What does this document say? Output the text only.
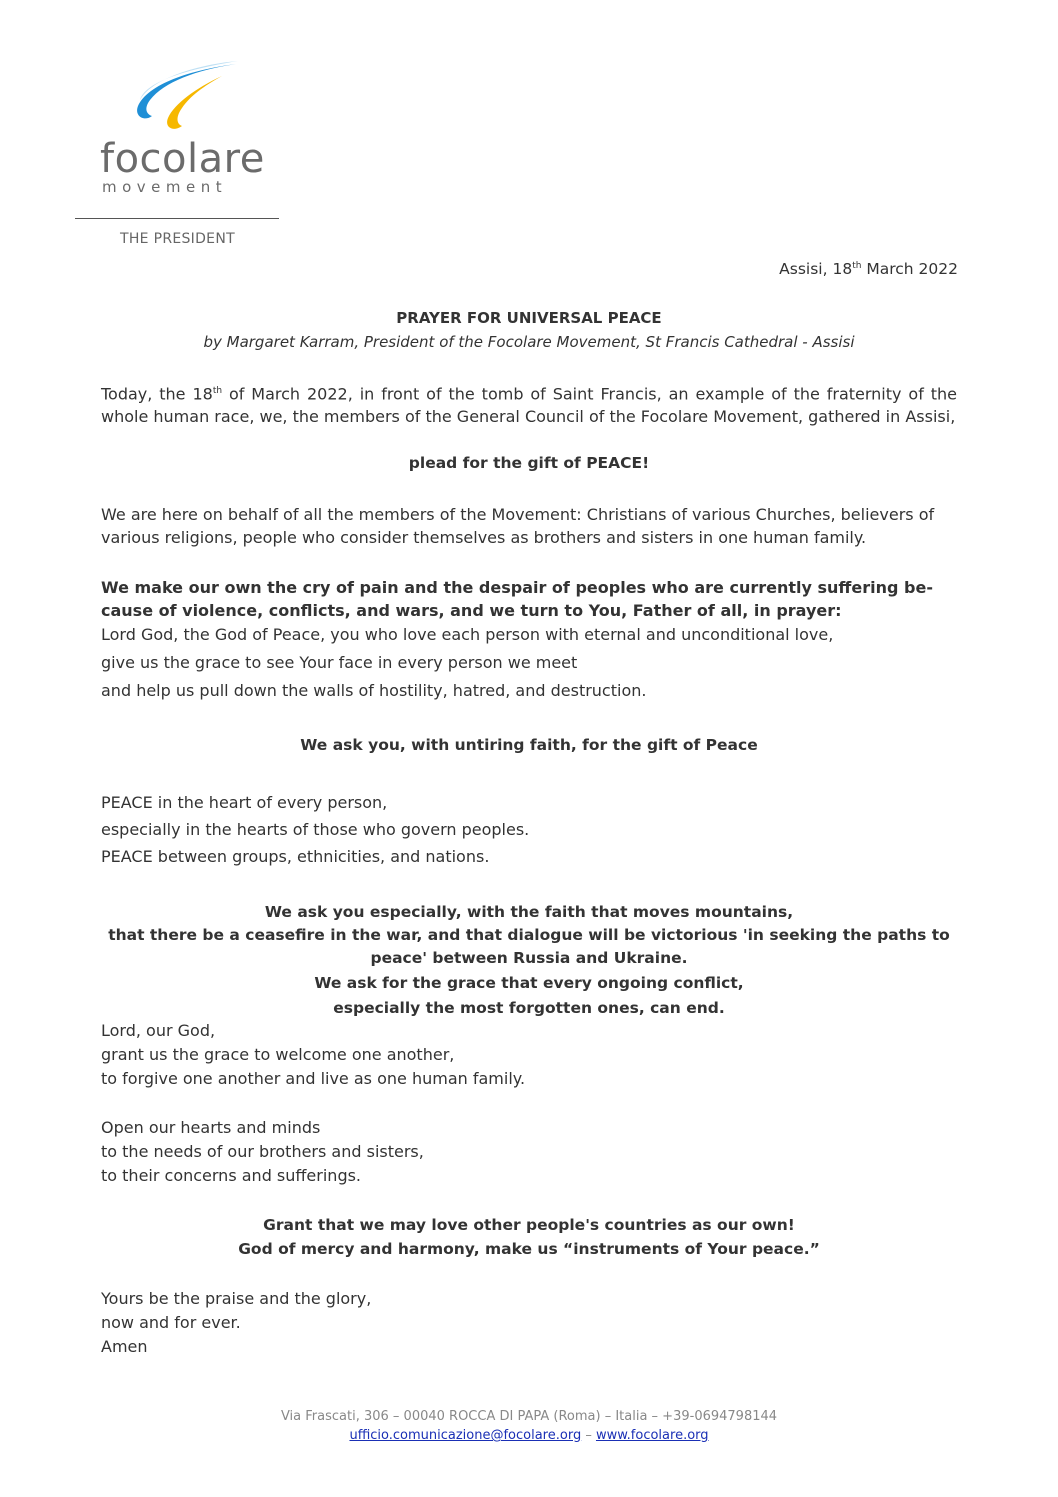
focolare
movement
THE PRESIDENT
Assisi, 18th March 2022
PRAYER FOR UNIVERSAL PEACE
by Margaret Karram, President of the Focolare Movement, St Francis Cathedral - Assisi
Today, the 18th of March 2022, in front of the tomb of Saint Francis, an example of the fraternity of the whole human race, we, the members of the General Council of the Focolare Movement, gathered in Assisi,
plead for the gift of PEACE!
We are here on behalf of all the members of the Movement: Christians of various Churches, believers of various religions, people who consider themselves as brothers and sisters in one human family.
We make our own the cry of pain and the despair of peoples who are currently suffering be-cause of violence, conflicts, and wars, and we turn to You, Father of all, in prayer:
Lord God, the God of Peace, you who love each person with eternal and unconditional love,
give us the grace to see Your face in every person we meet
and help us pull down the walls of hostility, hatred, and destruction.
We ask you, with untiring faith, for the gift of Peace
PEACE in the heart of every person,
especially in the hearts of those who govern peoples.
PEACE between groups, ethnicities, and nations.
We ask you especially, with the faith that moves mountains,
that there be a ceasefire in the war, and that dialogue will be victorious 'in seeking the paths to
peace' between Russia and Ukraine.
We ask for the grace that every ongoing conflict,
especially the most forgotten ones, can end.
Lord, our God,
grant us the grace to welcome one another,
to forgive one another and live as one human family.
Open our hearts and minds
to the needs of our brothers and sisters,
to their concerns and sufferings.
Grant that we may love other people's countries as our own!
God of mercy and harmony, make us “instruments of Your peace.”
Yours be the praise and the glory,
now and for ever.
Amen
Via Frascati, 306 – 00040 ROCCA DI PAPA (Roma) – Italia – +39-0694798144
ufficio.comunicazione@focolare.org – www.focolare.org
